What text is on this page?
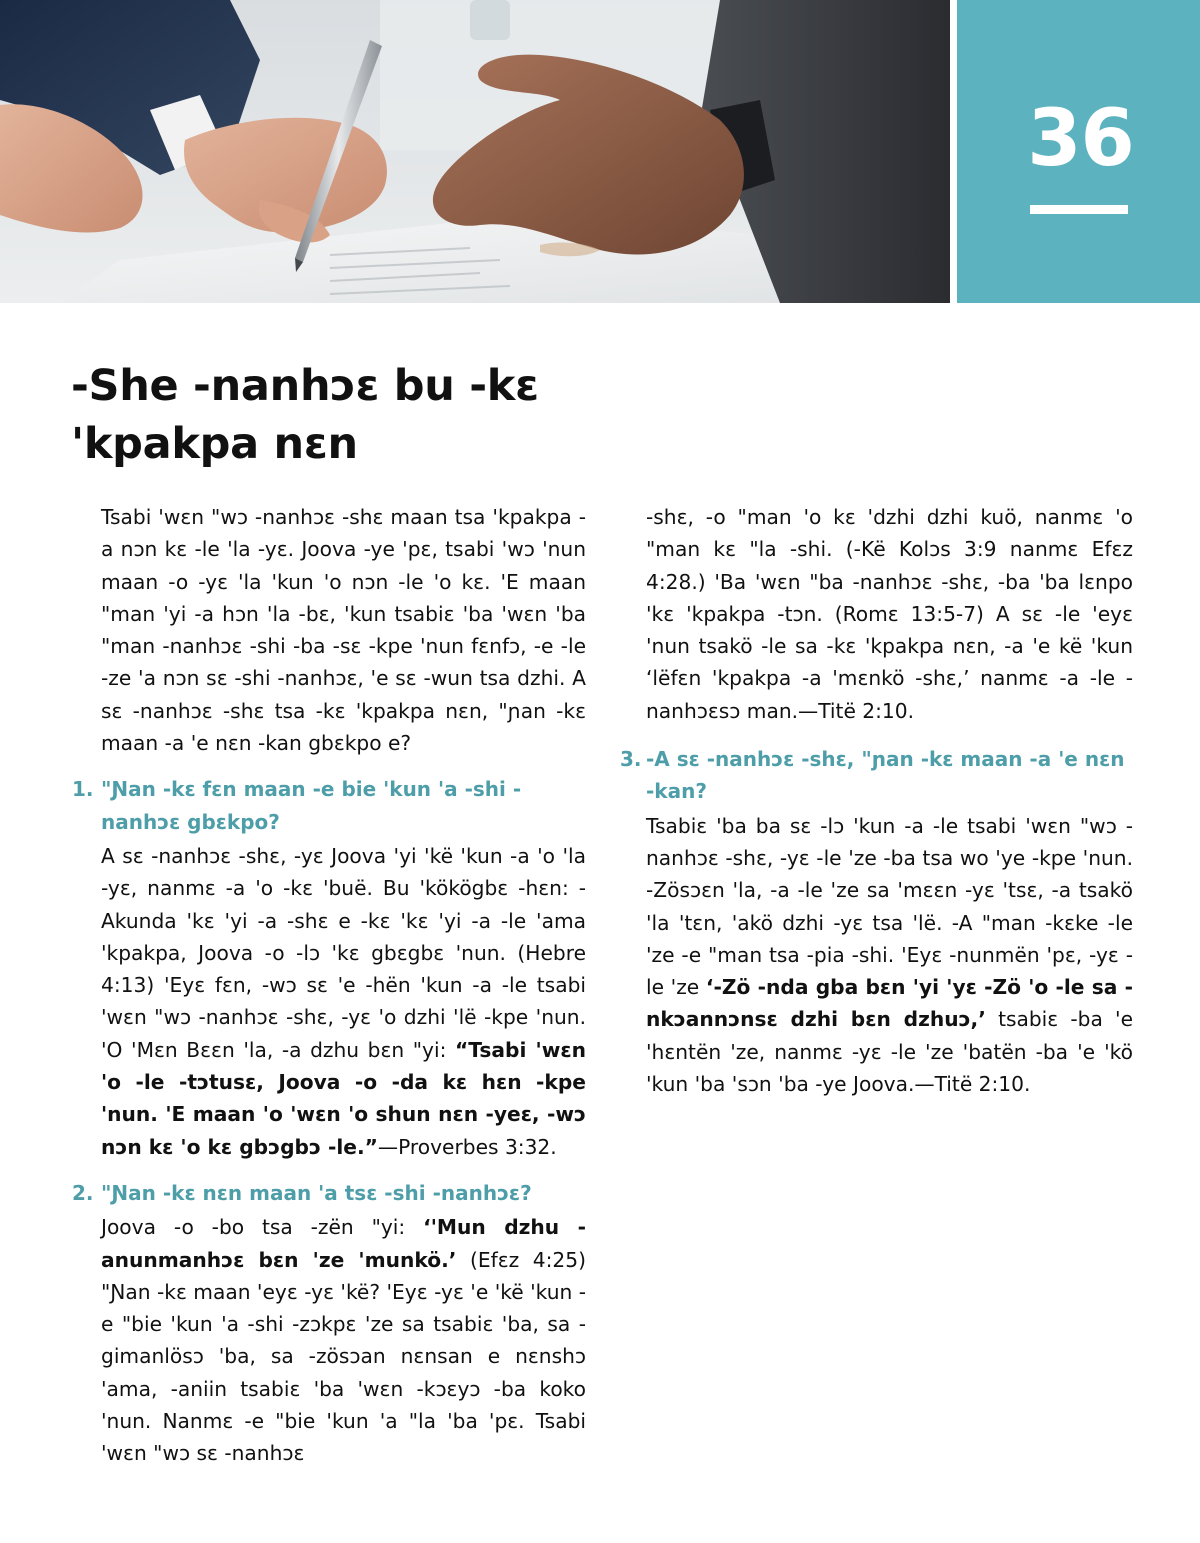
36
-She -nanhɔɛ bu -kɛ 'kpakpa nɛn

Tsabi 'wɛn "wɔ -nanhɔɛ -shɛ maan tsa 'kpakpa -a nɔn kɛ -le 'la -yɛ. Joova -ye 'pɛ, tsabi 'wɔ 'nun maan -o -yɛ 'la 'kun 'o nɔn -le 'o kɛ. 'E maan "man 'yi -a hɔn 'la -bɛ, 'kun tsabiɛ 'ba 'wɛn 'ba "man -nanhɔɛ -shi -ba -sɛ -kpe 'nun fɛnfɔ, -e -le -ze 'a nɔn sɛ -shi -nanhɔɛ, 'e sɛ -wun tsa dzhi. A sɛ -nanhɔɛ -shɛ tsa -kɛ 'kpakpa nɛn, "ɲan -kɛ maan -a 'e nɛn -kan gbɛkpo e?

1. "Ɲan -kɛ fɛn maan -e bie 'kun 'a -shi -nanhɔɛ gbɛkpo?

A sɛ -nanhɔɛ -shɛ, -yɛ Joova 'yi 'kë 'kun -a 'o 'la -yɛ, nanmɛ -a 'o -kɛ 'buë. Bu 'kökögbɛ -hɛn: -Akunda 'kɛ 'yi -a -shɛ e -kɛ 'kɛ 'yi -a -le 'ama 'kpakpa, Joova -o -lɔ 'kɛ gbɛgbɛ 'nun. (Hebre 4:13) 'Eyɛ fɛn, -wɔ sɛ 'e -hën 'kun -a -le tsabi 'wɛn "wɔ -nanhɔɛ -shɛ, -yɛ 'o dzhi 'lë -kpe 'nun. 'O 'Mɛn Bɛɛn 'la, -a dzhu bɛn "yi: “Tsabi 'wɛn 'o -le -tɔtusɛ, Joova -o -da kɛ hɛn -kpe 'nun. 'E maan 'o 'wɛn 'o shun nɛn -yeɛ, -wɔ nɔn kɛ 'o kɛ gbɔgbɔ -le.”—Proverbes 3:32.

2. "Ɲan -kɛ nɛn maan 'a tsɛ -shi -nanhɔɛ?

Joova -o -bo tsa -zën "yi: ‘'Mun dzhu -anunmanhɔɛ bɛn 'ze 'munkö.’ (Efɛz 4:25) "Ɲan -kɛ maan 'eyɛ -yɛ 'kë? 'Eyɛ -yɛ 'e 'kë 'kun -e "bie 'kun 'a -shi -zɔkpɛ 'ze sa tsabiɛ 'ba, sa -gimanlösɔ 'ba, sa -zösɔan nɛnsan e nɛnshɔ 'ama, -aniin tsabiɛ 'ba 'wɛn -kɔɛyɔ -ba koko 'nun. Nanmɛ -e "bie 'kun 'a "la 'ba 'pɛ. Tsabi 'wɛn "wɔ sɛ -nanhɔɛ

-shɛ, -o "man 'o kɛ 'dzhi dzhi kuö, nanmɛ 'o "man kɛ "la -shi. (-Kë Kolɔs 3:9 nanmɛ Efɛz 4:28.) 'Ba 'wɛn "ba -nanhɔɛ -shɛ, -ba 'ba lɛnpo 'kɛ 'kpakpa -tɔn. (Romɛ 13:5-7) A sɛ -le 'eyɛ 'nun tsakö -le sa -kɛ 'kpakpa nɛn, -a 'e kë 'kun ‘lëfɛn 'kpakpa -a 'mɛnkö -shɛ,’ nanmɛ -a -le -nanhɔɛsɔ man.—Titë 2:10.

3. -A sɛ -nanhɔɛ -shɛ, "ɲan -kɛ maan -a 'e nɛn -kan?

Tsabiɛ 'ba ba sɛ -lɔ 'kun -a -le tsabi 'wɛn "wɔ -nanhɔɛ -shɛ, -yɛ -le 'ze -ba tsa wo 'ye -kpe 'nun. -Zösɔɛn 'la, -a -le 'ze sa 'mɛɛn -yɛ 'tsɛ, -a tsakö 'la 'tɛn, 'akö dzhi -yɛ tsa 'lë. -A "man -kɛke -le 'ze -e "man tsa -pia -shi. 'Eyɛ -nunmën 'pɛ, -yɛ -le 'ze ‘-Zö -nda gba bɛn 'yi 'yɛ -Zö 'o -le sa -nkɔannɔnsɛ dzhi bɛn dzhuɔ,’ tsabiɛ -ba 'e 'hɛntën 'ze, nanmɛ -yɛ -le 'ze 'batën -ba 'e 'kö 'kun 'ba 'sɔn 'ba -ye Joova.—Titë 2:10.
